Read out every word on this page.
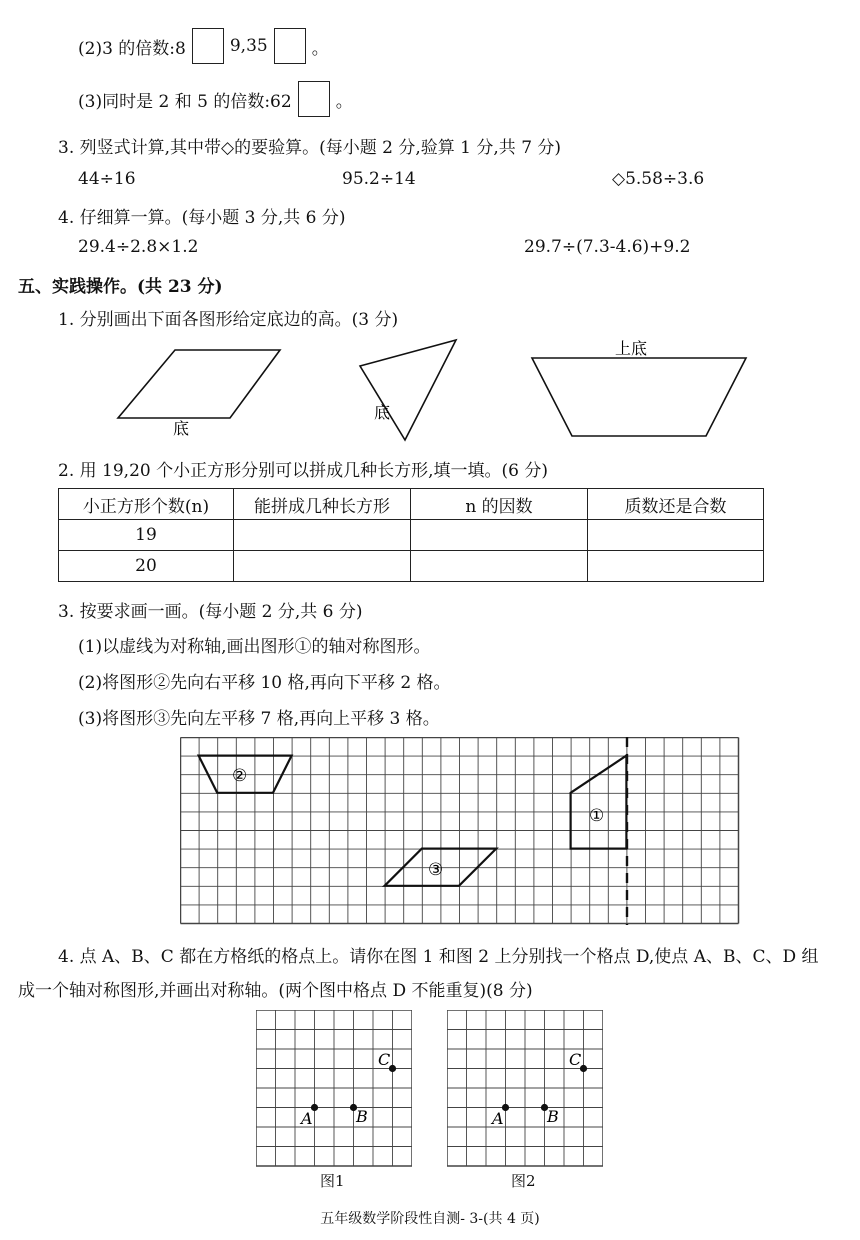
(2)3 的倍数:8	9,35	。
(3)同时是 2 和 5 的倍数:62	。
3. 列竖式计算,其中带◇的要验算。(每小题 2 分,验算 1 分,共 7 分)
44÷16	95.2÷14	◇5.58÷3.6
4. 仔细算一算。(每小题 3 分,共 6 分)
29.4÷2.8×1.2	29.7÷(7.3-4.6)+9.2
五、实践操作。(共 23 分)
1. 分别画出下面各图形给定底边的高。(3 分)
底
底
上底
2. 用 19,20 个小正方形分别可以拼成几种长方形,填一填。(6 分)
小正方形个数(n)	能拼成几种长方形	n 的因数	质数还是合数
19			
20			
3. 按要求画一画。(每小题 2 分,共 6 分)
(1)以虚线为对称轴,画出图形①的轴对称图形。
(2)将图形②先向右平移 10 格,再向下平移 2 格。
(3)将图形③先向左平移 7 格,再向上平移 3 格。
②
①
③
4. 点 A、B、C 都在方格纸的格点上。请你在图 1 和图 2 上分别找一个格点 D,使点 A、B、C、D 组
成一个轴对称图形,并画出对称轴。(两个图中格点 D 不能重复)(8 分)
A	B
C
图1
A	B
C
图2
五年级数学阶段性自测- 3-(共 4 页)
